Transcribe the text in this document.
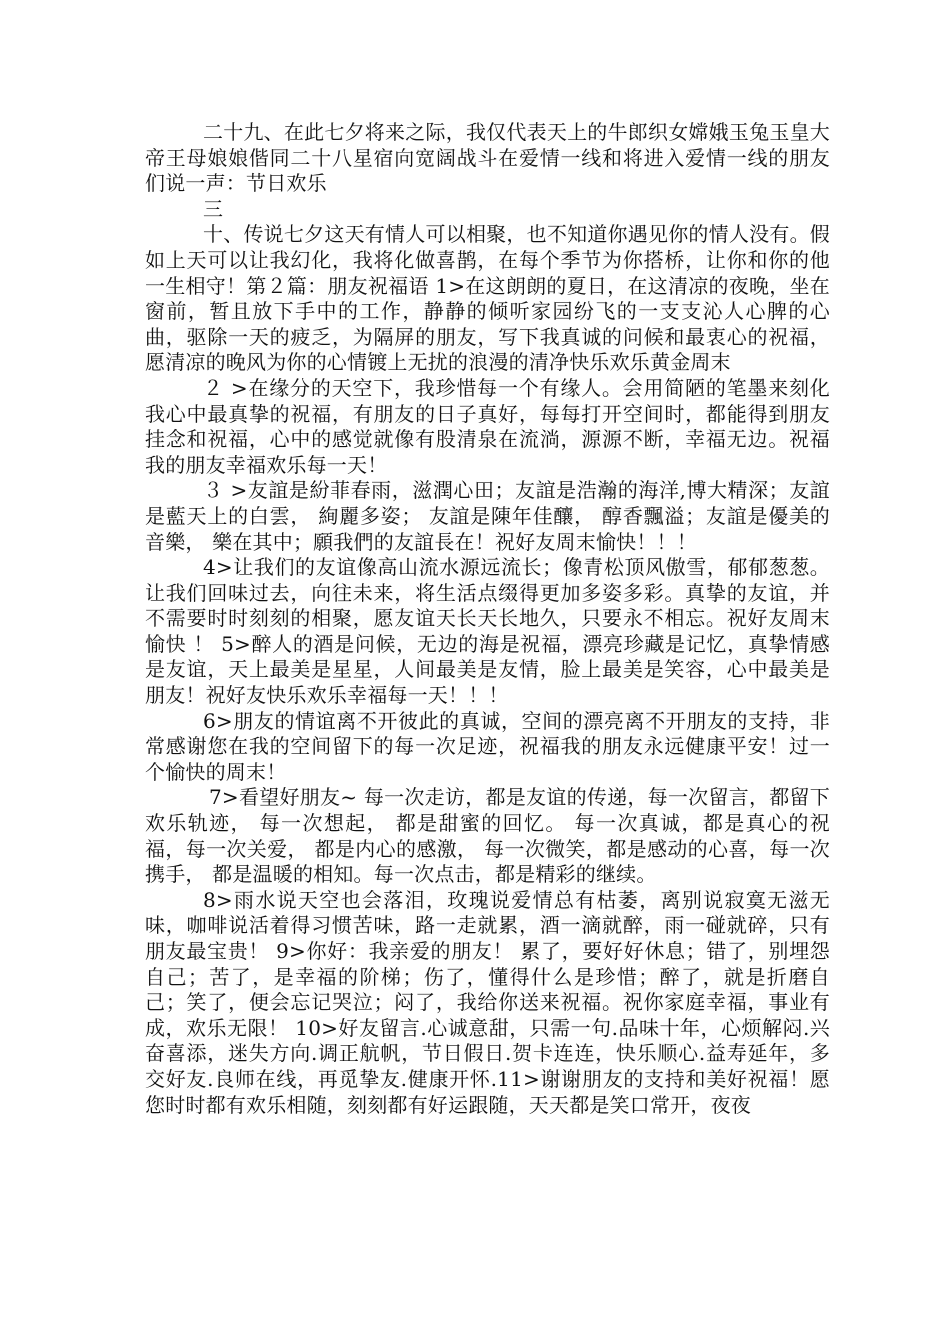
二十九、在此七夕将来之际，我仅代表天上的牛郎织女嫦娥玉兔玉皇大帝王母娘娘偕同二十八星宿向宽阔战斗在爱情一线和将进入爱情一线的朋友们说一声：节日欢乐

三

十、传说七夕这天有情人可以相聚，也不知道你遇见你的情人没有。假如上天可以让我幻化，我将化做喜鹊，在每个季节为你搭桥，让你和你的他一生相守！第２篇：朋友祝福语 1>在这朗朗的夏日，在这清凉的夜晚，坐在窗前，暂且放下手中的工作，静静的倾听家园纷飞的一支支沁人心脾的心曲，驱除一天的疲乏，为隔屏的朋友，写下我真诚的问候和最衷心的祝福，愿清凉的晚风为你的心情镀上无扰的浪漫的清净快乐欢乐黄金周末

２ >在缘分的天空下，我珍惜每一个有缘人。会用简陋的笔墨来刻化我心中最真挚的祝福，有朋友的日子真好，每每打开空间时，都能得到朋友挂念和祝福，心中的感觉就像有股清泉在流淌，源源不断，幸福无边。祝福我的朋友幸福欢乐每一天！

３ >友誼是紛菲春雨，滋潤心田；友誼是浩瀚的海洋,博大精深；友誼是藍天上的白雲， 絢麗多姿； 友誼是陳年佳釀， 醇香飄溢；友誼是優美的音樂， 樂在其中；願我們的友誼長在！祝好友周末愉快！！！

4>让我们的友谊像高山流水源远流长；像青松顶风傲雪，郁郁葱葱。让我们回味过去，向往未来，将生活点缀得更加多姿多彩。真挚的友谊，并不需要时时刻刻的相聚，愿友谊天长天长地久，只要永不相忘。祝好友周末愉快 ！ 5>醉人的酒是问候，无边的海是祝福，漂亮珍藏是记忆，真挚情感是友谊，天上最美是星星，人间最美是友情，脸上最美是笑容，心中最美是朋友！祝好友快乐欢乐幸福每一天！！！

6>朋友的情谊离不开彼此的真诚，空间的漂亮离不开朋友的支持，非常感谢您在我的空间留下的每一次足迹，祝福我的朋友永远健康平安！过一个愉快的周末！

7>看望好朋友~ 每一次走访，都是友谊的传递，每一次留言，都留下欢乐轨迹， 每一次想起， 都是甜蜜的回忆。 每一次真诚，都是真心的祝福，每一次关爱， 都是内心的感激， 每一次微笑，都是感动的心喜，每一次携手， 都是温暖的相知。每一次点击，都是精彩的继续。

8>雨水说天空也会落泪，玫瑰说爱情总有枯萎，离别说寂寞无滋无味，咖啡说活着得习惯苦味，路一走就累，酒一滴就醉，雨一碰就碎，只有朋友最宝贵！ 9>你好：我亲爱的朋友！ 累了，要好好休息；错了，别埋怨自己；苦了，是幸福的阶梯；伤了，懂得什么是珍惜；醉了，就是折磨自己；笑了，便会忘记哭泣；闷了，我给你送来祝福。祝你家庭幸福，事业有成，欢乐无限！ 10>好友留言.心诚意甜，只需一句.品味十年，心烦解闷.兴奋喜添，迷失方向.调正航帆，节日假日.贺卡连连，快乐顺心.益寿延年，多交好友.良师在线，再觅挚友.健康开怀.11>谢谢朋友的支持和美好祝福！愿您时时都有欢乐相随，刻刻都有好运跟随，天天都是笑口常开，夜夜
